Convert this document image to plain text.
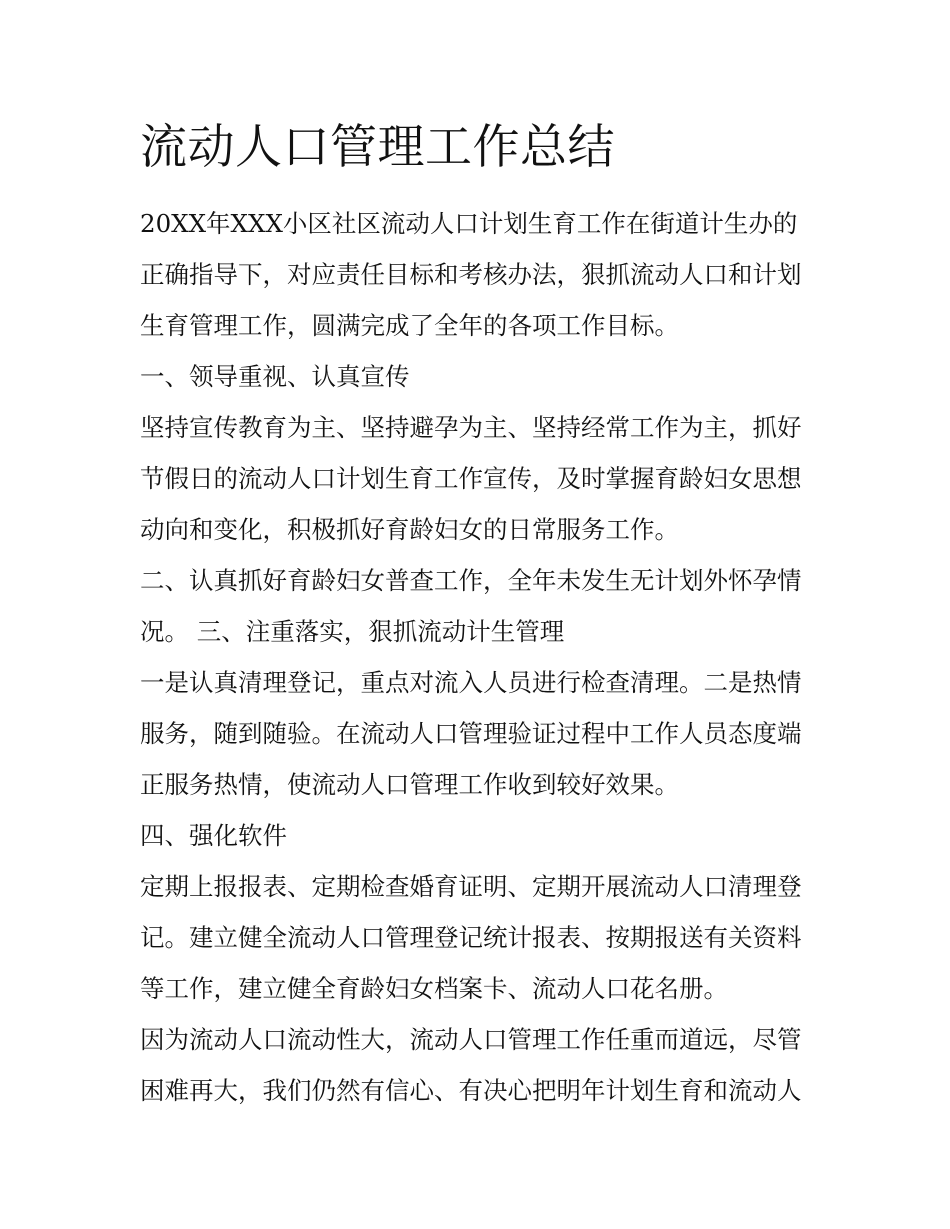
流动人口管理工作总结
20XX年XXX小区社区流动人口计划生育工作在街道计生办的
正确指导下，对应责任目标和考核办法，狠抓流动人口和计划
生育管理工作，圆满完成了全年的各项工作目标。
一、领导重视、认真宣传
坚持宣传教育为主、坚持避孕为主、坚持经常工作为主，抓好
节假日的流动人口计划生育工作宣传，及时掌握育龄妇女思想
动向和变化，积极抓好育龄妇女的日常服务工作。
二、认真抓好育龄妇女普查工作，全年未发生无计划外怀孕情
况。 三、注重落实，狠抓流动计生管理
一是认真清理登记，重点对流入人员进行检查清理。二是热情
服务，随到随验。在流动人口管理验证过程中工作人员态度端
正服务热情，使流动人口管理工作收到较好效果。
四、强化软件
定期上报报表、定期检查婚育证明、定期开展流动人口清理登
记。建立健全流动人口管理登记统计报表、按期报送有关资料
等工作，建立健全育龄妇女档案卡、流动人口花名册。
因为流动人口流动性大，流动人口管理工作任重而道远，尽管
困难再大，我们仍然有信心、有决心把明年计划生育和流动人
